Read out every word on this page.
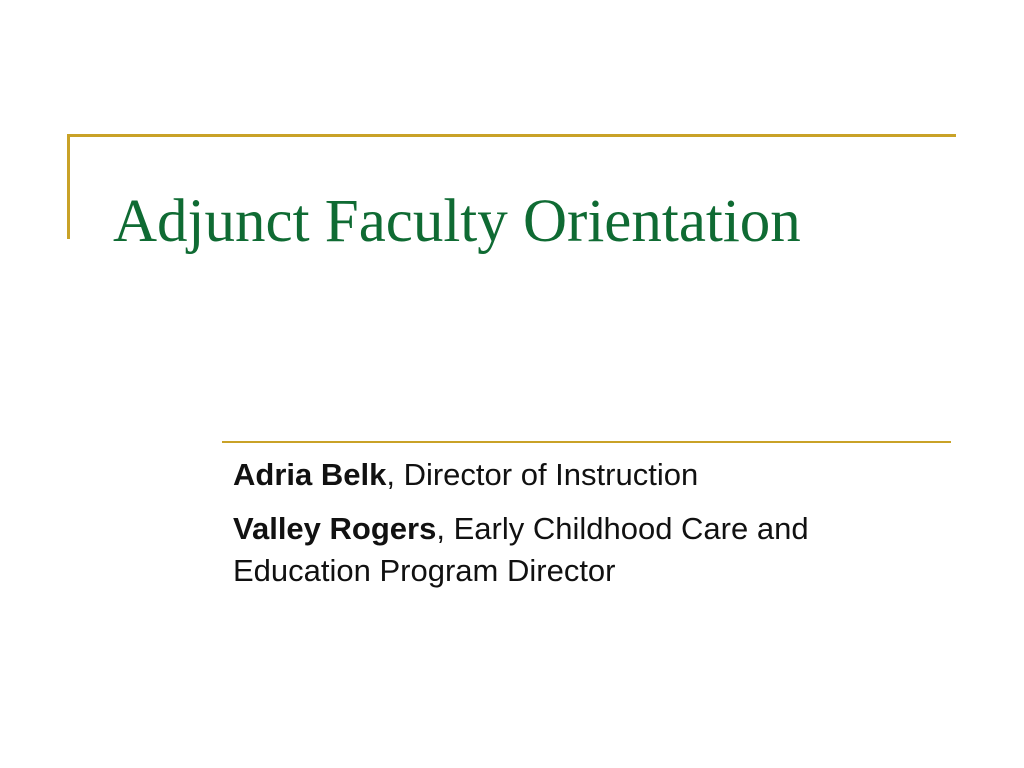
Adjunct Faculty Orientation

Adria Belk, Director of Instruction

Valley Rogers, Early Childhood Care and Education Program Director
